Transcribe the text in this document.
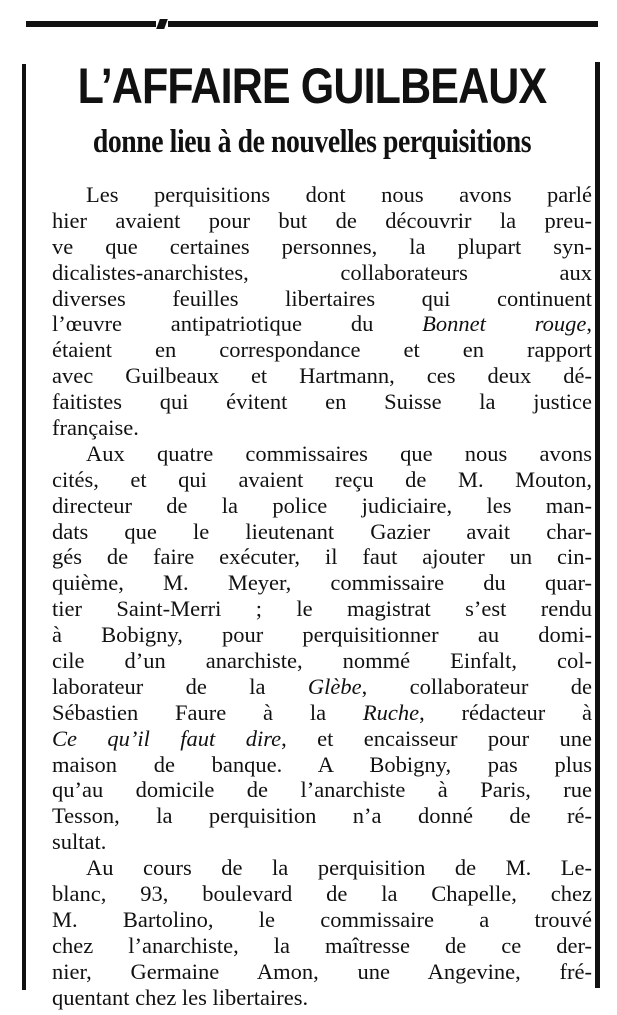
L’AFFAIRE GUILBEAUX
donne lieu à de nouvelles perquisitions
Les perquisitions dont nous avons parlé
hier avaient pour but de découvrir la preu-
ve que certaines personnes, la plupart syn-
dicalistes-anarchistes, collaborateurs aux
diverses feuilles libertaires qui continuent
l’œuvre antipatriotique du Bonnet rouge,
étaient en correspondance et en rapport
avec Guilbeaux et Hartmann, ces deux dé-
faitistes qui évitent en Suisse la justice
française.
Aux quatre commissaires que nous avons
cités, et qui avaient reçu de M. Mouton,
directeur de la police judiciaire, les man-
dats que le lieutenant Gazier avait char-
gés de faire exécuter, il faut ajouter un cin-
quième, M. Meyer, commissaire du quar-
tier Saint-Merri ; le magistrat s’est rendu
à Bobigny, pour perquisitionner au domi-
cile d’un anarchiste, nommé Einfalt, col-
laborateur de la Glèbe, collaborateur de
Sébastien Faure à la Ruche, rédacteur à
Ce qu’il faut dire, et encaisseur pour une
maison de banque. A Bobigny, pas plus
qu’au domicile de l’anarchiste à Paris, rue
Tesson, la perquisition n’a donné de ré-
sultat.
Au cours de la perquisition de M. Le-
blanc, 93, boulevard de la Chapelle, chez
M. Bartolino, le commissaire a trouvé
chez l’anarchiste, la maîtresse de ce der-
nier, Germaine Amon, une Angevine, fré-
quentant chez les libertaires.
